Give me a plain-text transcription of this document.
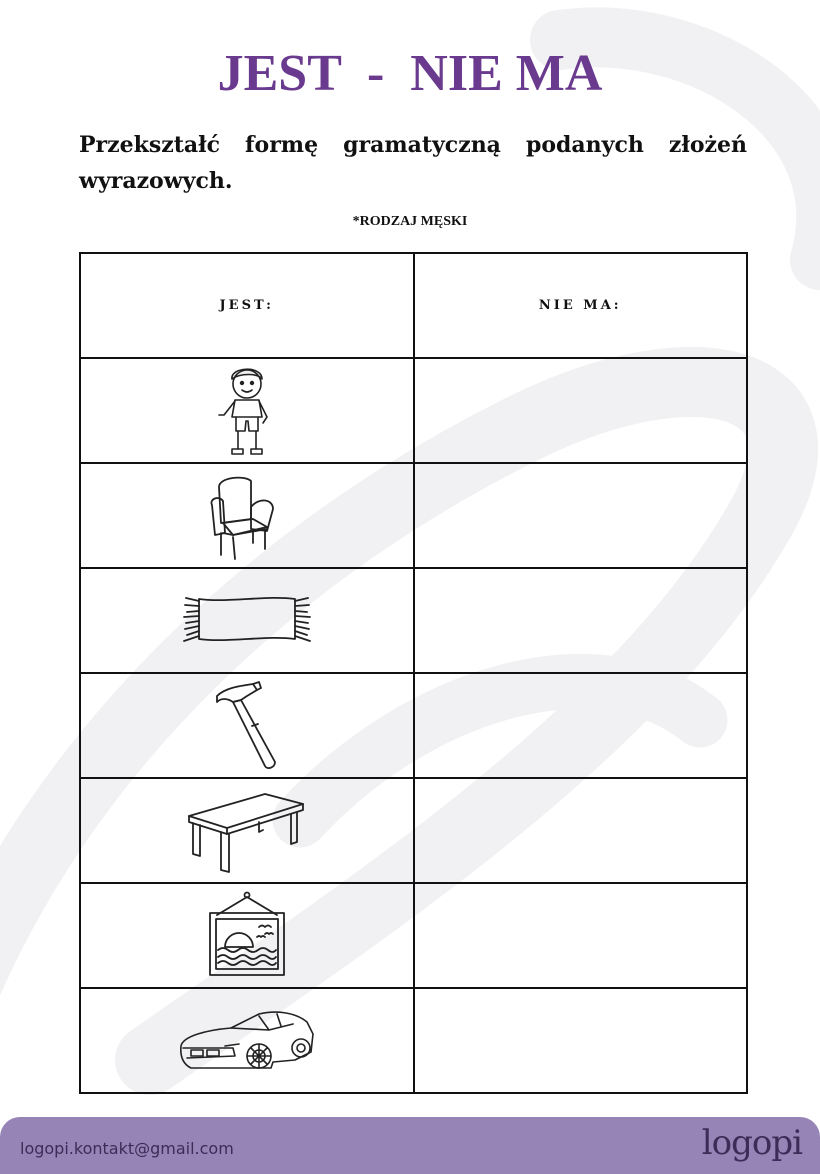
JEST  -  NIE MA
Przekształć formę gramatyczną podanych złożeń wyrazowych.
*RODZAJ MĘSKI
JEST:	NIE MA:

logopi.kontakt@gmail.com	logopi
